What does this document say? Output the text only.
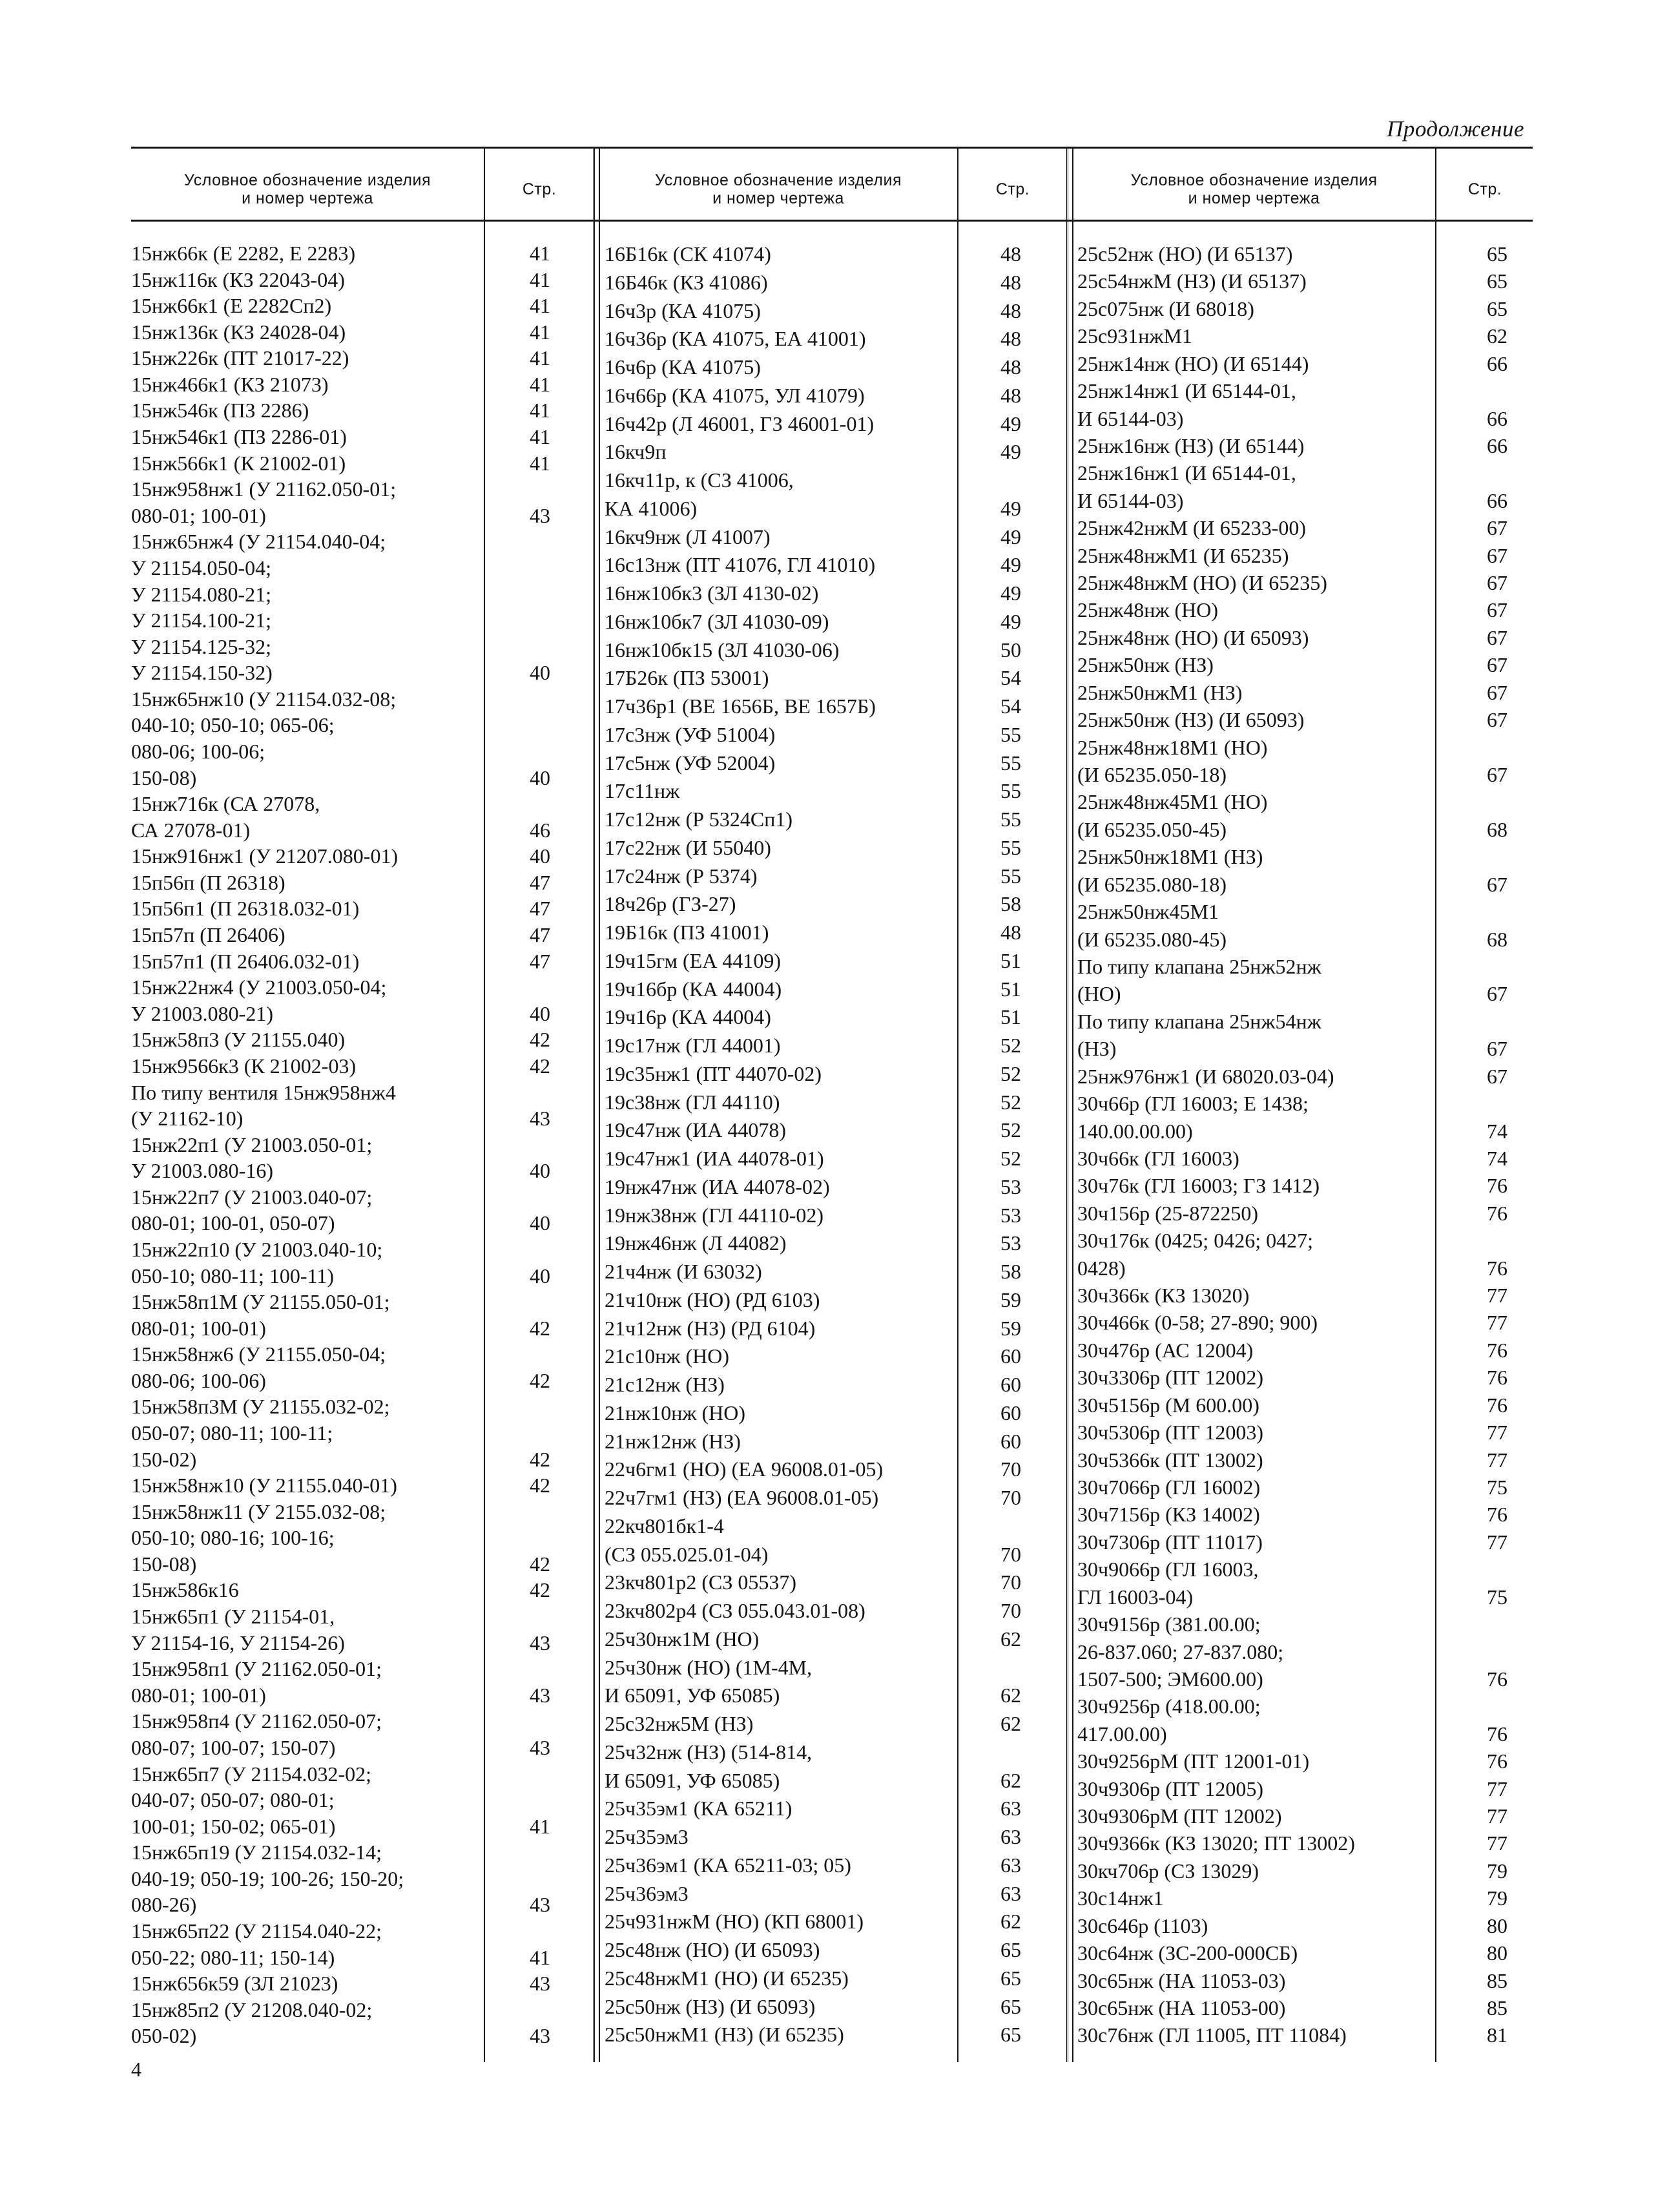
Продолжение
Условное обозначение изделия
и номер чертежа	Стр.	Условное обозначение изделия
и номер чертежа	Стр.	Условное обозначение изделия
и номер чертежа	Стр.
15нж66к (Е 2282, Е 2283)	41
15нж116к (КЗ 22043-04)	41
15нж66к1 (Е 2282Сп2)	41
15нж136к (КЗ 24028-04)	41
15нж226к (ПТ 21017-22)	41
15нж466к1 (КЗ 21073)	41
15нж546к (ПЗ 2286)	41
15нж546к1 (ПЗ 2286-01)	41
15нж566к1 (К 21002-01)	41
15нж958нж1 (У 21162.050-01;
080-01; 100-01)	43
15нж65нж4 (У 21154.040-04;
У 21154.050-04;
У 21154.080-21;
У 21154.100-21;
У 21154.125-32;
У 21154.150-32)	40
15нж65нж10 (У 21154.032-08;
040-10; 050-10; 065-06;
080-06; 100-06;
150-08)	40
15нж716к (СА 27078,
СА 27078-01)	46
15нж916нж1 (У 21207.080-01)	40
15п56п (П 26318)	47
15п56п1 (П 26318.032-01)	47
15п57п (П 26406)	47
15п57п1 (П 26406.032-01)	47
15нж22нж4 (У 21003.050-04;
У 21003.080-21)	40
15нж58п3 (У 21155.040)	42
15нж9566к3 (К 21002-03)	42
По типу вентиля 15нж958нж4
(У 21162-10)	43
15нж22п1 (У 21003.050-01;
У 21003.080-16)	40
15нж22п7 (У 21003.040-07;
080-01; 100-01, 050-07)	40
15нж22п10 (У 21003.040-10;
050-10; 080-11; 100-11)	40
15нж58п1М (У 21155.050-01;
080-01; 100-01)	42
15нж58нж6 (У 21155.050-04;
080-06; 100-06)	42
15нж58п3М (У 21155.032-02;
050-07; 080-11; 100-11;
150-02)	42
15нж58нж10 (У 21155.040-01)	42
15нж58нж11 (У 2155.032-08;
050-10; 080-16; 100-16;
150-08)	42
15нж586к16	42
15нж65п1 (У 21154-01,
У 21154-16, У 21154-26)	43
15нж958п1 (У 21162.050-01;
080-01; 100-01)	43
15нж958п4 (У 21162.050-07;
080-07; 100-07; 150-07)	43
15нж65п7 (У 21154.032-02;
040-07; 050-07; 080-01;
100-01; 150-02; 065-01)	41
15нж65п19 (У 21154.032-14;
040-19; 050-19; 100-26; 150-20;
080-26)	43
15нж65п22 (У 21154.040-22;
050-22; 080-11; 150-14)	41
15нж656к59 (ЗЛ 21023)	43
15нж85п2 (У 21208.040-02;
050-02)	43
16Б16к (СК 41074)	48
16Б46к (КЗ 41086)	48
16ч3р (КА 41075)	48
16ч36р (КА 41075, ЕА 41001)	48
16ч6р (КА 41075)	48
16ч66р (КА 41075, УЛ 41079)	48
16ч42р (Л 46001, ГЗ 46001-01)	49
16кч9п	49
16кч11р, к (СЗ 41006,
КА 41006)	49
16кч9нж (Л 41007)	49
16с13нж (ПТ 41076, ГЛ 41010)	49
16нж10бк3 (ЗЛ 4130-02)	49
16нж10бк7 (ЗЛ 41030-09)	49
16нж10бк15 (ЗЛ 41030-06)	50
17Б26к (ПЗ 53001)	54
17ч36р1 (ВЕ 1656Б, ВЕ 1657Б)	54
17с3нж (УФ 51004)	55
17с5нж (УФ 52004)	55
17с11нж	55
17с12нж (Р 5324Сп1)	55
17с22нж (И 55040)	55
17с24нж (Р 5374)	55
18ч26р (ГЗ-27)	58
19Б16к (ПЗ 41001)	48
19ч15гм (ЕА 44109)	51
19ч16бр (КА 44004)	51
19ч16р (КА 44004)	51
19с17нж (ГЛ 44001)	52
19с35нж1 (ПТ 44070-02)	52
19с38нж (ГЛ 44110)	52
19с47нж (ИА 44078)	52
19с47нж1 (ИА 44078-01)	52
19нж47нж (ИА 44078-02)	53
19нж38нж (ГЛ 44110-02)	53
19нж46нж (Л 44082)	53
21ч4нж (И 63032)	58
21ч10нж (НО) (РД 6103)	59
21ч12нж (НЗ) (РД 6104)	59
21с10нж (НО)	60
21с12нж (НЗ)	60
21нж10нж (НО)	60
21нж12нж (НЗ)	60
22ч6гм1 (НО) (ЕА 96008.01-05)	70
22ч7гм1 (НЗ) (ЕА 96008.01-05)	70
22кч801бк1-4
(СЗ 055.025.01-04)	70
23кч801р2 (СЗ 05537)	70
23кч802р4 (СЗ 055.043.01-08)	70
25ч30нж1М (НО)	62
25ч30нж (НО) (1М-4М,
И 65091, УФ 65085)	62
25с32нж5М (НЗ)	62
25ч32нж (НЗ) (514-814,
И 65091, УФ 65085)	62
25ч35эм1 (КА 65211)	63
25ч35эм3	63
25ч36эм1 (КА 65211-03; 05)	63
25ч36эм3	63
25ч931нжМ (НО) (КП 68001)	62
25с48нж (НО) (И 65093)	65
25с48нжМ1 (НО) (И 65235)	65
25с50нж (НЗ) (И 65093)	65
25с50нжМ1 (НЗ) (И 65235)	65
25с52нж (НО) (И 65137)	65
25с54нжМ (НЗ) (И 65137)	65
25с075нж (И 68018)	65
25с931нжМ1	62
25нж14нж (НО) (И 65144)	66
25нж14нж1 (И 65144-01,
И 65144-03)	66
25нж16нж (НЗ) (И 65144)	66
25нж16нж1 (И 65144-01,
И 65144-03)	66
25нж42нжМ (И 65233-00)	67
25нж48нжМ1 (И 65235)	67
25нж48нжМ (НО) (И 65235)	67
25нж48нж (НО)	67
25нж48нж (НО) (И 65093)	67
25нж50нж (НЗ)	67
25нж50нжМ1 (НЗ)	67
25нж50нж (НЗ) (И 65093)	67
25нж48нж18М1 (НО)
(И 65235.050-18)	67
25нж48нж45М1 (НО)
(И 65235.050-45)	68
25нж50нж18М1 (НЗ)
(И 65235.080-18)	67
25нж50нж45М1
(И 65235.080-45)	68
По типу клапана 25нж52нж
(НО)	67
По типу клапана 25нж54нж
(НЗ)	67
25нж976нж1 (И 68020.03-04)	67
30ч66р (ГЛ 16003; Е 1438;
140.00.00.00)	74
30ч66к (ГЛ 16003)	74
30ч76к (ГЛ 16003; ГЗ 1412)	76
30ч156р (25-872250)	76
30ч176к (0425; 0426; 0427;
0428)	76
30ч366к (КЗ 13020)	77
30ч466к (0-58; 27-890; 900)	77
30ч476р (АС 12004)	76
30ч3306р (ПТ 12002)	76
30ч5156р (М 600.00)	76
30ч5306р (ПТ 12003)	77
30ч5366к (ПТ 13002)	77
30ч7066р (ГЛ 16002)	75
30ч7156р (КЗ 14002)	76
30ч7306р (ПТ 11017)	77
30ч9066р (ГЛ 16003,
ГЛ 16003-04)	75
30ч9156р (381.00.00;
26-837.060; 27-837.080;
1507-500; ЭМ600.00)	76
30ч9256р (418.00.00;
417.00.00)	76
30ч9256рМ (ПТ 12001-01)	76
30ч9306р (ПТ 12005)	77
30ч9306рМ (ПТ 12002)	77
30ч9366к (КЗ 13020; ПТ 13002)	77
30кч706р (СЗ 13029)	79
30с14нж1	79
30с646р (1103)	80
30с64нж (ЗС-200-000СБ)	80
30с65нж (НА 11053-03)	85
30с65нж (НА 11053-00)	85
30с76нж (ГЛ 11005, ПТ 11084)	81
4
